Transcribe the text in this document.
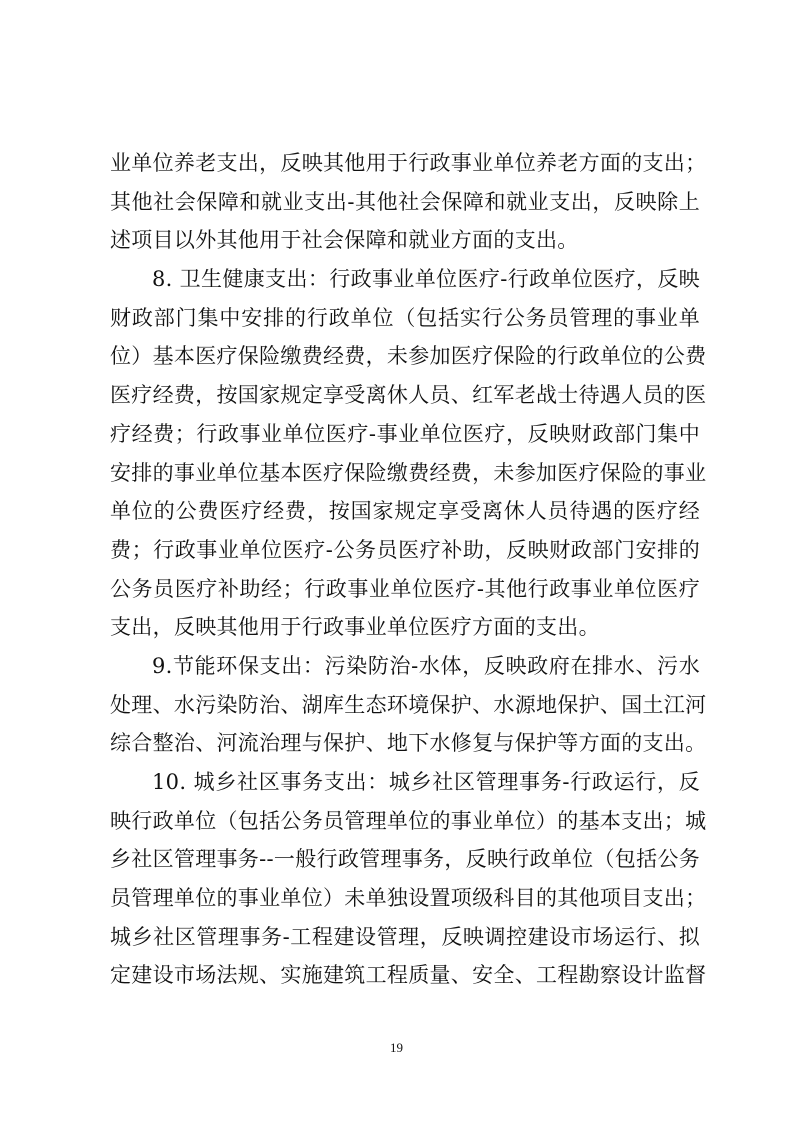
业单位养老支出，反映其他用于行政事业单位养老方面的支出；
其他社会保障和就业支出-其他社会保障和就业支出，反映除上
述项目以外其他用于社会保障和就业方面的支出。
8. 卫生健康支出：行政事业单位医疗-行政单位医疗，反映
财政部门集中安排的行政单位（包括实行公务员管理的事业单
位）基本医疗保险缴费经费，未参加医疗保险的行政单位的公费
医疗经费，按国家规定享受离休人员、红军老战士待遇人员的医
疗经费；行政事业单位医疗-事业单位医疗，反映财政部门集中
安排的事业单位基本医疗保险缴费经费，未参加医疗保险的事业
单位的公费医疗经费，按国家规定享受离休人员待遇的医疗经
费；行政事业单位医疗-公务员医疗补助，反映财政部门安排的
公务员医疗补助经；行政事业单位医疗-其他行政事业单位医疗
支出，反映其他用于行政事业单位医疗方面的支出。
9.节能环保支出：污染防治-水体，反映政府在排水、污水
处理、水污染防治、湖库生态环境保护、水源地保护、国土江河
综合整治、河流治理与保护、地下水修复与保护等方面的支出。
10. 城乡社区事务支出：城乡社区管理事务-行政运行，反
映行政单位（包括公务员管理单位的事业单位）的基本支出；城
乡社区管理事务--一般行政管理事务，反映行政单位（包括公务
员管理单位的事业单位）未单独设置项级科目的其他项目支出；
城乡社区管理事务-工程建设管理，反映调控建设市场运行、拟
定建设市场法规、实施建筑工程质量、安全、工程勘察设计监督
19
